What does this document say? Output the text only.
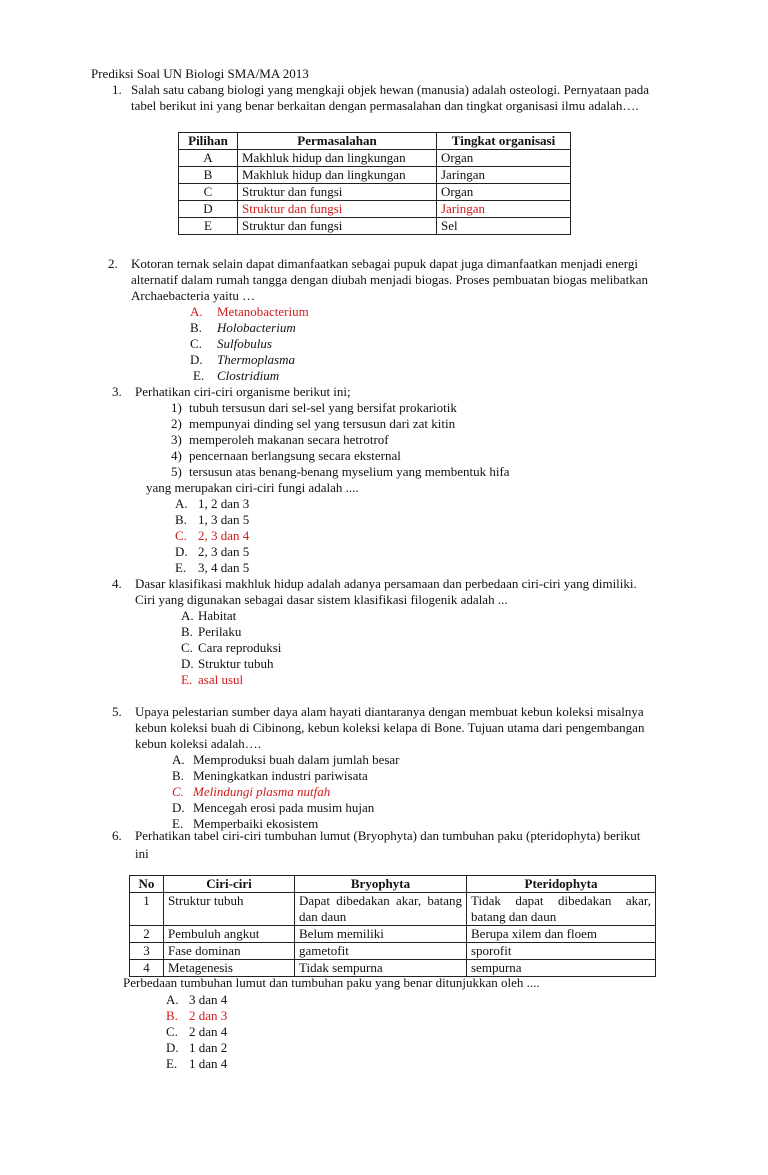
Prediksi Soal UN Biologi SMA/MA 2013
1. Salah satu cabang biologi yang mengkaji objek hewan (manusia) adalah osteologi. Pernyataan pada
tabel berikut ini yang benar berkaitan dengan permasalahan dan tingkat organisasi ilmu adalah….
Pilihan	Permasalahan	Tingkat organisasi
A	Makhluk hidup dan lingkungan	Organ
B	Makhluk hidup dan lingkungan	Jaringan
C	Struktur dan fungsi	Organ
D	Struktur dan fungsi	Jaringan
E	Struktur dan fungsi	Sel
2. Kotoran ternak selain dapat dimanfaatkan sebagai pupuk dapat juga dimanfaatkan menjadi energi
alternatif dalam rumah tangga dengan diubah menjadi biogas. Proses pembuatan biogas melibatkan
Archaebacteria yaitu …
A. Metanobacterium
B. Holobacterium
C. Sulfobulus
D. Thermoplasma
E. Clostridium
3. Perhatikan ciri-ciri organisme berikut ini;
1) tubuh tersusun dari sel-sel yang bersifat prokariotik
2) mempunyai dinding sel yang tersusun dari zat kitin
3) memperoleh makanan secara hetrotrof
4) pencernaan berlangsung secara eksternal
5) tersusun atas benang-benang myselium yang membentuk hifa
yang merupakan ciri-ciri fungi adalah ....
A. 1, 2 dan 3
B. 1, 3 dan 5
C. 2, 3 dan 4
D. 2, 3 dan 5
E. 3, 4 dan 5
4. Dasar klasifikasi makhluk hidup adalah adanya persamaan dan perbedaan ciri-ciri yang dimiliki.
Ciri yang digunakan sebagai dasar sistem klasifikasi filogenik adalah ...
A. Habitat
B. Perilaku
C. Cara reproduksi
D. Struktur tubuh
E. asal usul
5. Upaya pelestarian sumber daya alam hayati diantaranya dengan membuat kebun koleksi misalnya
kebun koleksi buah di Cibinong, kebun koleksi kelapa di Bone. Tujuan utama dari pengembangan
kebun koleksi adalah….
A. Memproduksi buah dalam jumlah besar
B. Meningkatkan industri pariwisata
C. Melindungi plasma nutfah
D. Mencegah erosi pada musim hujan
E. Memperbaiki ekosistem
6. Perhatikan tabel ciri-ciri tumbuhan lumut (Bryophyta) dan tumbuhan paku (pteridophyta) berikut
ini
No	Ciri-ciri	Bryophyta	Pteridophyta
1	Struktur tubuh	Dapat dibedakan akar, batang dan daun	Tidak dapat dibedakan akar, batang dan daun
2	Pembuluh angkut	Belum memiliki	Berupa xilem dan floem
3	Fase dominan	gametofit	sporofit
4	Metagenesis	Tidak sempurna	sempurna
Perbedaan tumbuhan lumut dan tumbuhan paku yang benar ditunjukkan oleh ....
A. 3 dan 4
B. 2 dan 3
C. 2 dan 4
D. 1 dan 2
E. 1 dan 4
